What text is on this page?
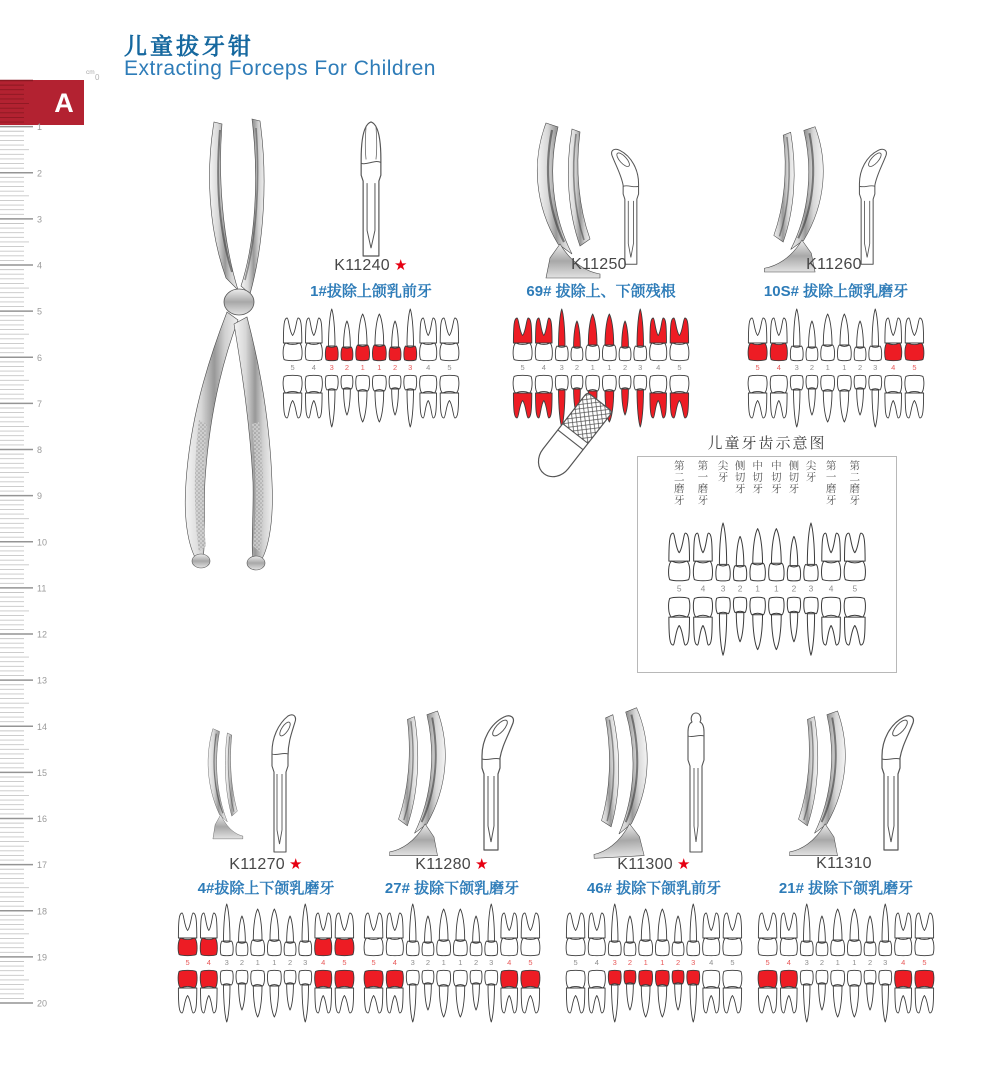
cm
0
1
2
3
4
5
6
7
8
9
10
11
12
13
14
15
16
17
18
19
20
A
儿童拔牙钳
Extracting Forceps For Children
K11240 ★
1#拔除上颌乳前牙
5 4 3 2 1 1 2 3 4 5
K11250
69# 拔除上、下颌残根
5 4 3 2 1 1 2 3 4 5
K11260
10S# 拔除上颌乳磨牙
5 4 3 2 1 1 2 3 4 5
儿童牙齿示意图
5 4 3 2 1 1 2 3 4 5
第二磨牙
第一磨牙
尖牙
侧切牙
中切牙
中切牙
侧切牙
尖牙
第一磨牙
第二磨牙
K11270 ★
4#拔除上下颌乳磨牙
5 4 3 2 1 1 2 3 4 5
K11280 ★
27# 拔除下颌乳磨牙
5 4 3 2 1 1 2 3 4 5
K11300 ★
46# 拔除下颌乳前牙
5 4 3 2 1 1 2 3 4 5
K11310
21# 拔除下颌乳磨牙
5 4 3 2 1 1 2 3 4 5
